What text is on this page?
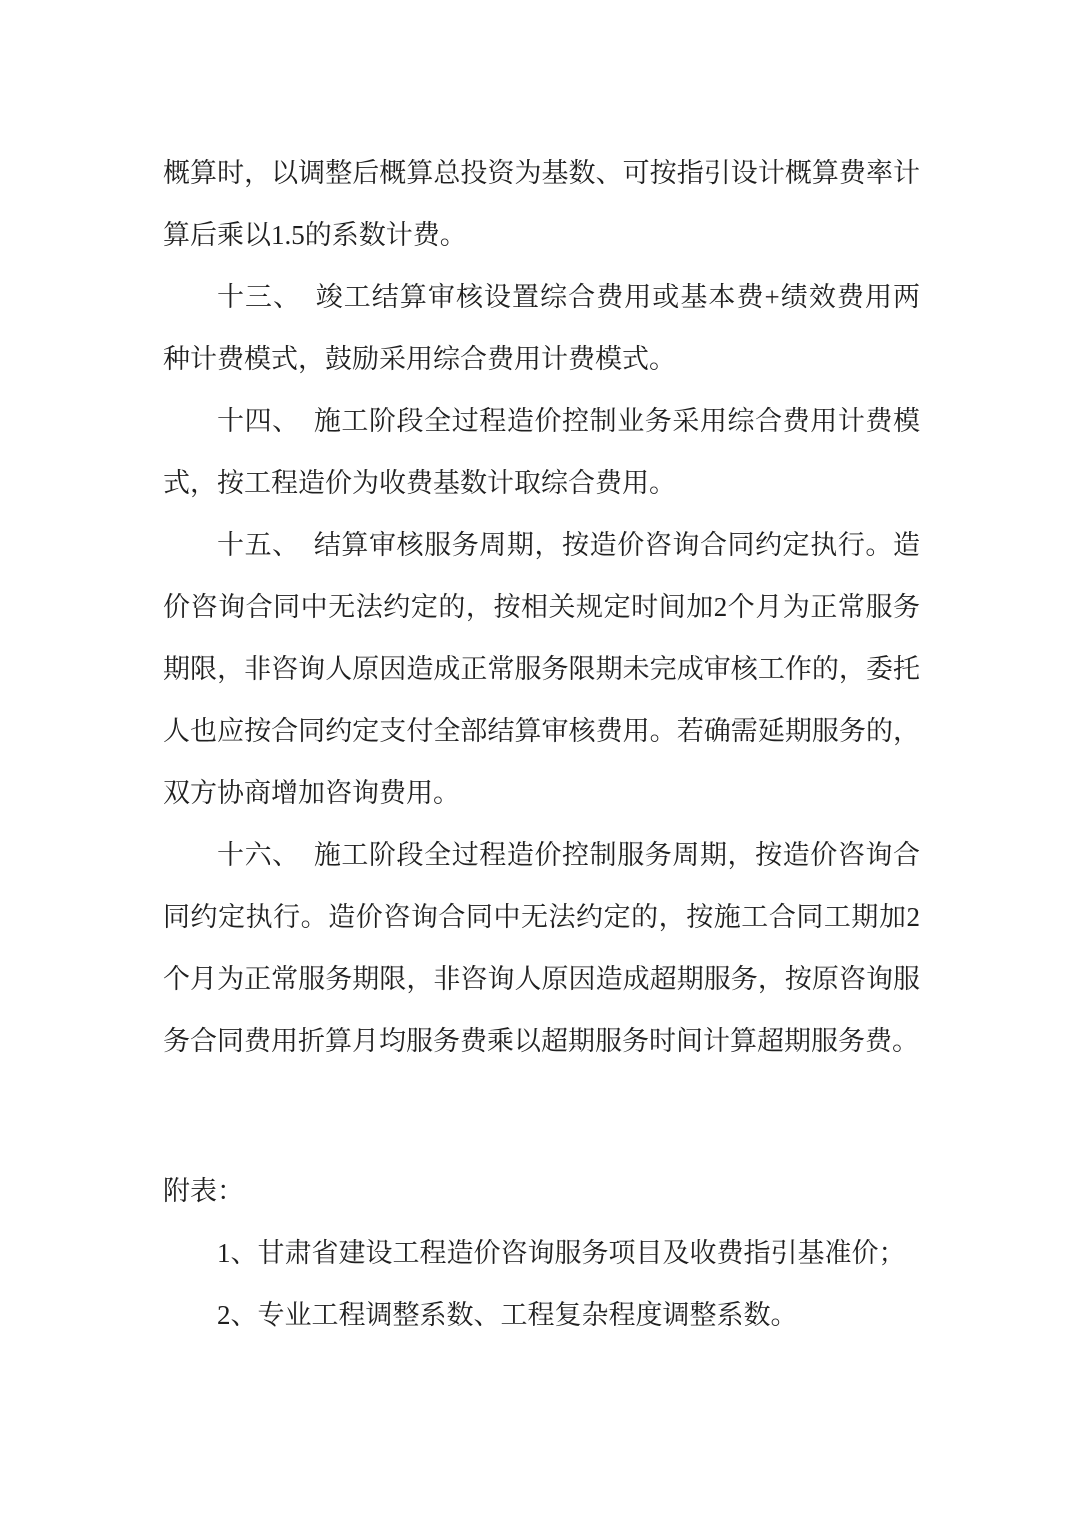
概算时，以调整后概算总投资为基数、可按指引设计概算费率计算后乘以1.5的系数计费。

十三、　竣工结算审核设置综合费用或基本费+绩效费用两种计费模式，鼓励采用综合费用计费模式。

十四、　施工阶段全过程造价控制业务采用综合费用计费模式，按工程造价为收费基数计取综合费用。

十五、　结算审核服务周期，按造价咨询合同约定执行。造价咨询合同中无法约定的，按相关规定时间加2个月为正常服务期限，非咨询人原因造成正常服务限期未完成审核工作的，委托人也应按合同约定支付全部结算审核费用。若确需延期服务的，双方协商增加咨询费用。

十六、　施工阶段全过程造价控制服务周期，按造价咨询合同约定执行。造价咨询合同中无法约定的，按施工合同工期加2个月为正常服务期限，非咨询人原因造成超期服务，按原咨询服务合同费用折算月均服务费乘以超期服务时间计算超期服务费。

附表：

1、甘肃省建设工程造价咨询服务项目及收费指引基准价；

2、专业工程调整系数、工程复杂程度调整系数。
